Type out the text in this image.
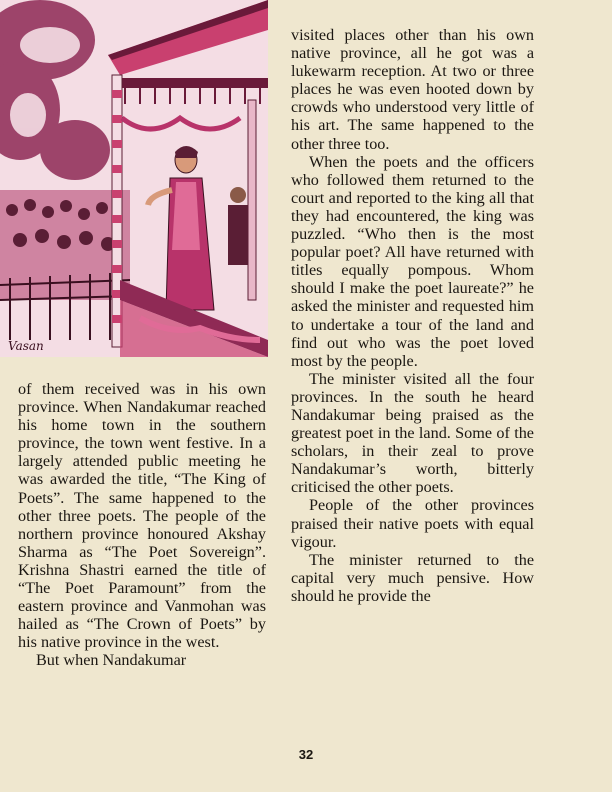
Vasan

of them received was in his own province. When Nandakumar reached his home town in the southern province, the town went festive. In a largely attended public meeting he was awarded the title, “The King of Poets”. The same happened to the other three poets. The people of the northern province honoured Akshay Sharma as “The Poet Sovereign”. Krishna Shastri earned the title of “The Poet Paramount” from the eastern province and Vanmohan was hailed as “The Crown of Poets” by his native province in the west.

But when Nandakumar

visited places other than his own native province, all he got was a lukewarm reception. At two or three places he was even hooted down by crowds who understood very little of his art. The same happened to the other three too.

When the poets and the officers who followed them returned to the court and reported to the king all that they had encountered, the king was puzzled. “Who then is the most popular poet? All have returned with titles equally pompous. Whom should I make the poet laureate?” he asked the minister and requested him to undertake a tour of the land and find out who was the poet loved most by the people.

The minister visited all the four provinces. In the south he heard Nandakumar being praised as the greatest poet in the land. Some of the scholars, in their zeal to prove Nandakumar’s worth, bitterly criticised the other poets.

People of the other provinces praised their native poets with equal vigour.

The minister returned to the capital very much pensive. How should he provide the

32
